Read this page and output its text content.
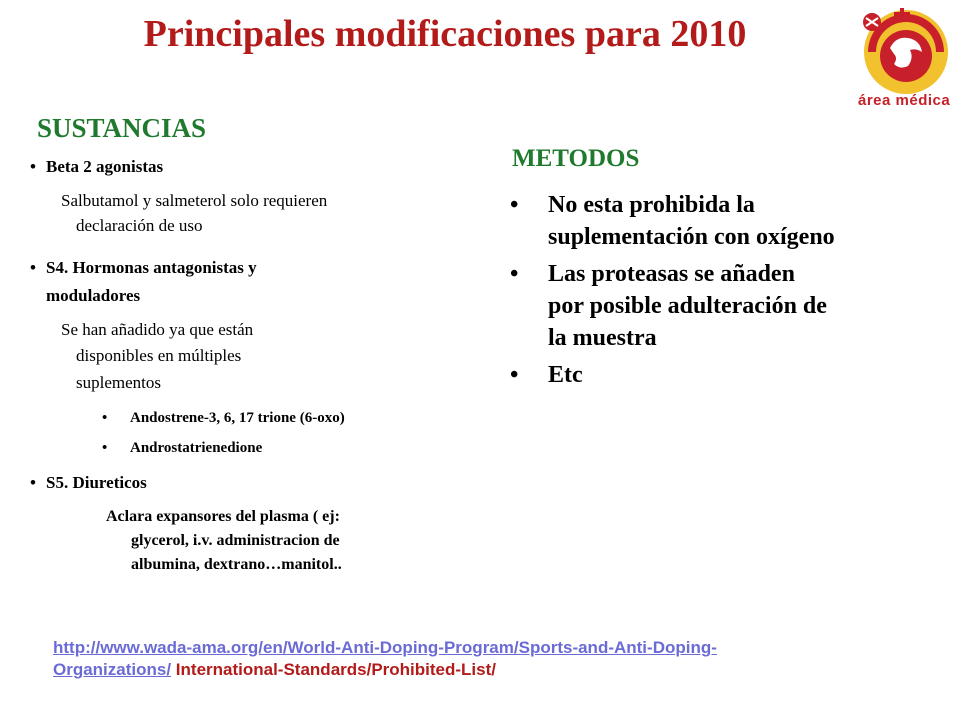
Principales modificaciones para 2010
área médica
SUSTANCIAS
• Beta 2 agonistas
Salbutamol y salmeterol solo requieren
declaración de uso
• S4. Hormonas antagonistas y
moduladores
Se han añadido ya que están
disponibles en múltiples
suplementos
• Andostrene-3, 6, 17 trione (6-oxo)
• Androstatrienedione
• S5. Diureticos
Aclara expansores del plasma ( ej:
glycerol, i.v. administracion de
albumina, dextrano…manitol..
METODOS
• No esta prohibida la
suplementación con oxígeno
• Las proteasas se añaden
por posible adulteración de
la muestra
• Etc
http://www.wada-ama.org/en/World-Anti-Doping-Program/Sports-and-Anti-Doping-
Organizations/ International-Standards/Prohibited-List/
